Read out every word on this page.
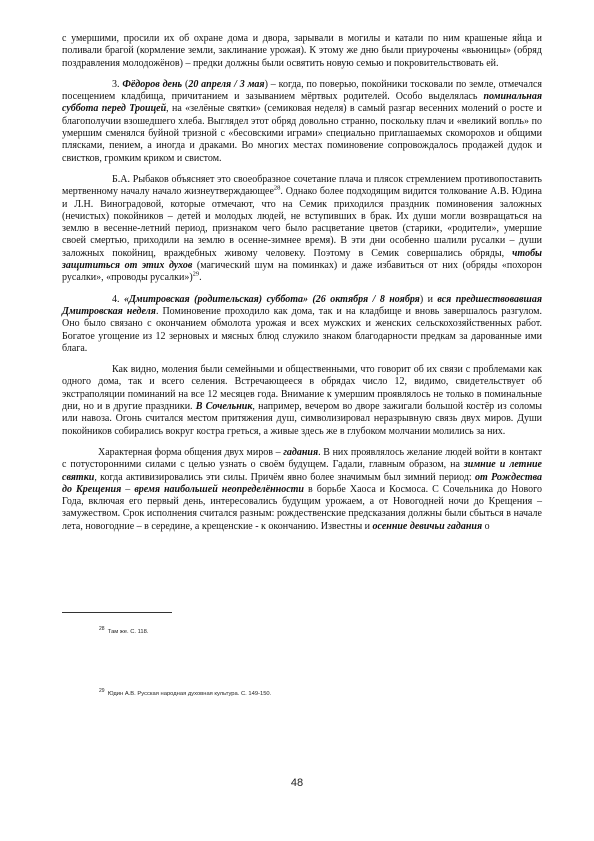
с умершими, просили их об охране дома и двора, зарывали в могилы и катали по ним крашеные яйца и поливали брагой (кормление земли, заклинание урожая). К этому же дню были приурочены «вьюницы» (обряд поздравления молодожёнов) – предки должны были освятить новую семью и покровительствовать ей.

3. Фёдоров день (20 апреля / 3 мая) – когда, по поверью, покойники тосковали по земле, отмечался посещением кладбища, причитанием и зазыванием мёртвых родителей. Особо выделялась поминальная суббота перед Троицей, на «зелёные святки» (семиковая неделя) в самый разгар весенних молений о росте и благополучии взошедшего хлеба. Выглядел этот обряд довольно странно, поскольку плач и «великий вопль» по умершим сменялся буйной тризной с «бесовскими играми» специально приглашаемых скоморохов и общими плясками, пением, а иногда и драками. Во многих местах поминовение сопровождалось продажей дудок и свистков, громким криком и свистом.

Б.А. Рыбаков объясняет это своеобразное сочетание плача и плясок стремлением противопоставить мертвенному началу начало жизнеутверждающее$^{28}$. Однако более подходящим видится толкование А.В. Юдина и Л.Н. Виноградовой, которые отмечают, что на Семик приходился праздник поминовения заложных (нечистых) покойников – детей и молодых людей, не вступивших в брак. Их души могли возвращаться на землю в весенне-летний период, признаком чего было расцветание цветов (старики, «родители», умершие своей смертью, приходили на землю в осенне-зимнее время). В эти дни особенно шалили русалки – души заложных покойниц, враждебных живому человеку. Поэтому в Семик совершались обряды, чтобы защититься от этих духов (магический шум на поминках) и даже избавиться от них (обряды «похорон русалки», «проводы русалки»)$^{29}$.

4. «Дмитровская (родительская) суббота» (26 октября / 8 ноября) и вся предшествовавшая Дмитровская неделя. Поминовение проходило как дома, так и на кладбище и вновь завершалось разгулом. Оно было связано с окончанием обмолота урожая и всех мужских и женских сельскохозяйственных работ. Богатое угощение из 12 зерновых и мясных блюд служило знаком благодарности предкам за дарованные ими блага.

Как видно, моления были семейными и общественными, что говорит об их связи с проблемами как одного дома, так и всего селения. Встречающееся в обрядах число 12, видимо, свидетельствует об экстраполяции поминаний на все 12 месяцев года. Внимание к умершим проявлялось не только в поминальные дни, но и в другие праздники. В Сочельник, например, вечером во дворе зажигали большой костёр из соломы или навоза. Огонь считался местом притяжения душ, символизировал неразрывную связь двух миров. Души покойников собирались вокруг костра греться, а живые здесь же в глубоком молчании молились за них.

Характерная форма общения двух миров – гадания. В них проявлялось желание людей войти в контакт с потусторонними силами с целью узнать о своём будущем. Гадали, главным образом, на зимние и летние святки, когда активизировались эти силы. Причём явно более значимым был зимний период: от Рождества до Крещения – время наибольшей неопределённости в борьбе Хаоса и Космоса. С Сочельника до Нового Года, включая его первый день, интересовались будущим урожаем, а от Новогодней ночи до Крещения – замужеством. Срок исполнения считался разным: рождественские предсказания должны были сбыться в начале лета, новогодние – в середине, а крещенские - к окончанию. Известны и осенние девичьи гадания о

$^{28}$ Там же. С. 118.
$^{29}$ Юдин А.В. Русская народная духовная культура. С. 149-150.
48
